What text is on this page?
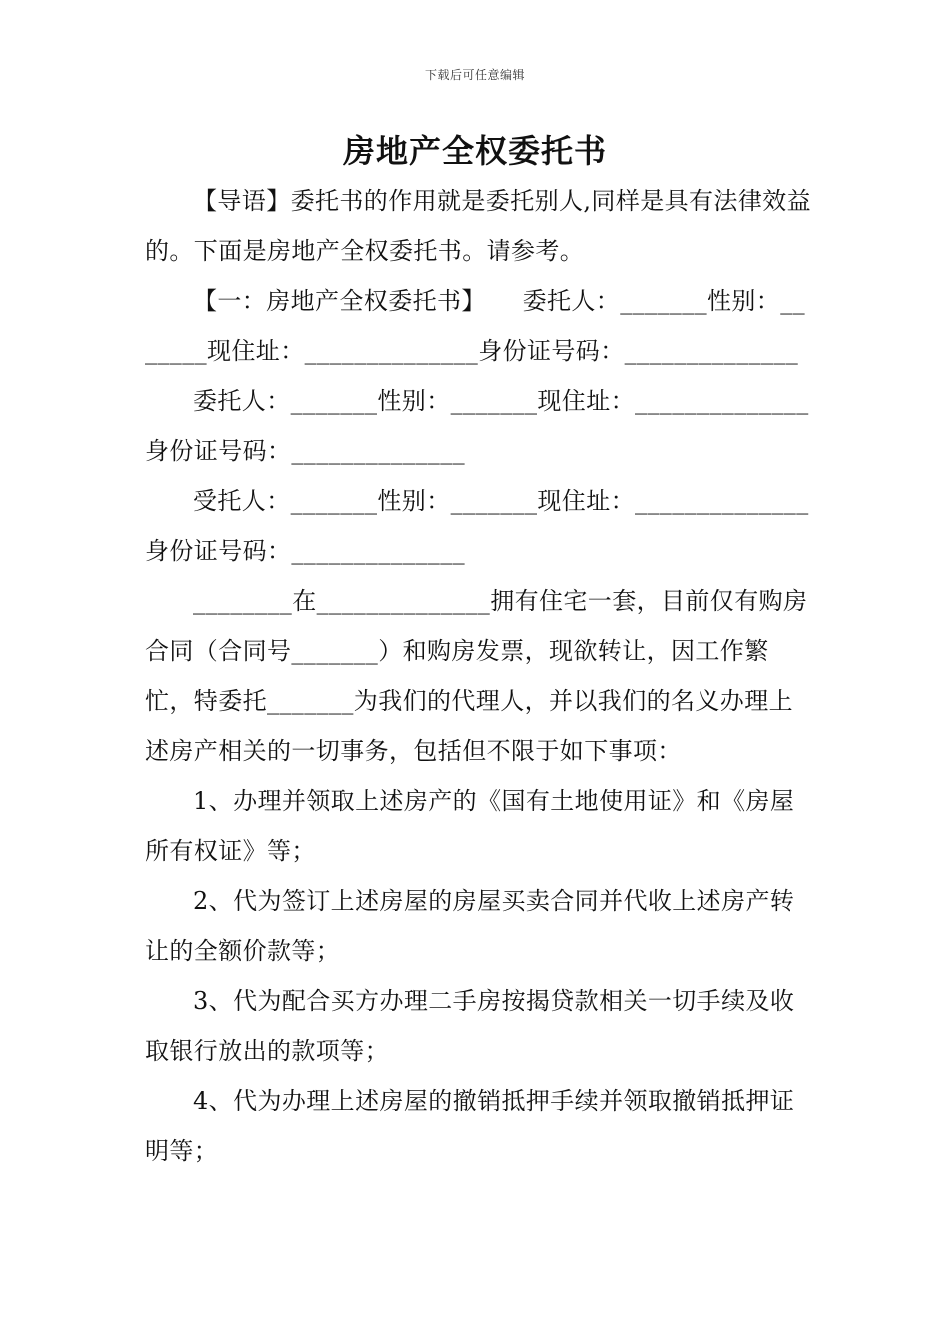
下载后可任意编辑
房地产全权委托书

【导语】委托书的作用就是委托别人,同样是具有法律效益的。下面是房地产全权委托书。请参考。

【一：房地产全权委托书】　　委托人：_______性别：_______现住址：______________身份证号码：______________

委托人：_______性别：_______现住址：______________身份证号码：______________

受托人：_______性别：_______现住址：______________身份证号码：______________

________在______________拥有住宅一套，目前仅有购房合同（合同号_______）和购房发票，现欲转让，因工作繁忙，特委托_______为我们的代理人，并以我们的名义办理上述房产相关的一切事务，包括但不限于如下事项：

1、办理并领取上述房产的《国有土地使用证》和《房屋所有权证》等；

2、代为签订上述房屋的房屋买卖合同并代收上述房产转让的全额价款等；

3、代为配合买方办理二手房按揭贷款相关一切手续及收取银行放出的款项等；

4、代为办理上述房屋的撤销抵押手续并领取撤销抵押证明等；
